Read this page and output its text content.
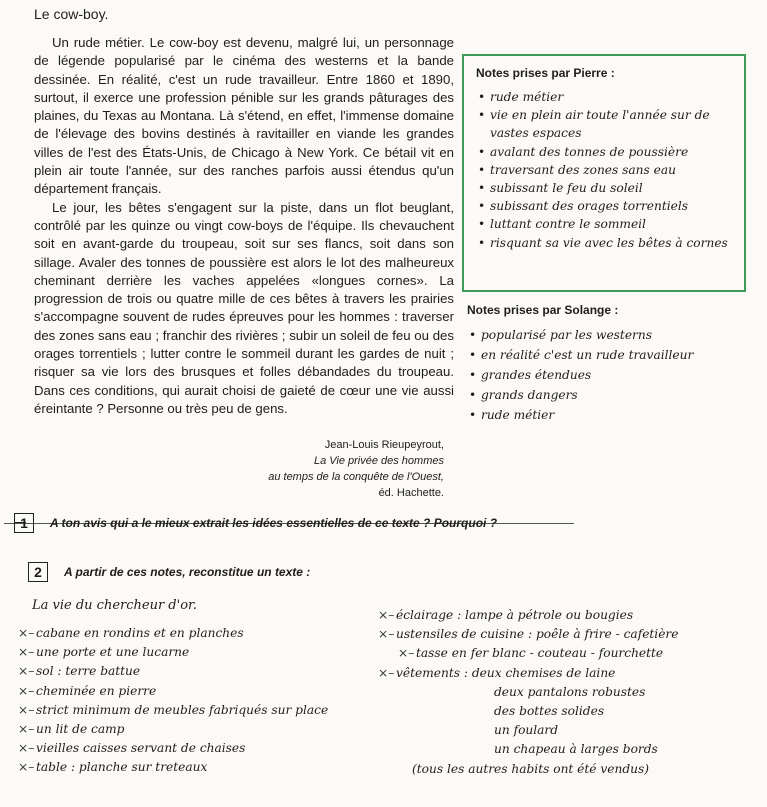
Le cow-boy.

Un rude métier. Le cow-boy est devenu, malgré lui, un personnage de légende popularisé par le cinéma des westerns et la bande dessinée. En réalité, c'est un rude travailleur. Entre 1860 et 1890, surtout, il exerce une profession pénible sur les grands pâturages des plaines, du Texas au Montana. Là s'étend, en effet, l'immense domaine de l'élevage des bovins destinés à ravitailler en viande les grandes villes de l'est des États-Unis, de Chicago à New York. Ce bétail vit en plein air toute l'année, sur des ranches parfois aussi étendus qu'un département français.

Le jour, les bêtes s'engagent sur la piste, dans un flot beuglant, contrôlé par les quinze ou vingt cow-boys de l'équipe. Ils chevauchent soit en avant-garde du troupeau, soit sur ses flancs, soit dans son sillage. Avaler des tonnes de poussière est alors le lot des malheureux cheminant derrière les vaches appelées «longues cornes». La progression de trois ou quatre mille de ces bêtes à travers les prairies s'accompagne souvent de rudes épreuves pour les hommes : traverser des zones sans eau ; franchir des rivières ; subir un soleil de feu ou des orages torrentiels ; lutter contre le sommeil durant les gardes de nuit ; risquer sa vie lors des brusques et folles débandades du troupeau. Dans ces conditions, qui aurait choisi de gaieté de cœur une vie aussi éreintante ? Personne ou très peu de gens.

Jean-Louis Rieupeyrout,
La Vie privée des hommes
au temps de la conquête de l'Ouest,
éd. Hachette.
Notes prises par Pierre :
• rude métier
• vie en plein air toute l'année sur de
vastes espaces
• avalant des tonnes de poussière
• traversant des zones sans eau
• subissant le feu du soleil
• subissant des orages torrentiels
• luttant contre le sommeil
• risquant sa vie avec les bêtes à cornes
Notes prises par Solange :
• popularisé par les westerns
• en réalité c'est un rude travailleur
• grandes étendues
• grands dangers
• rude métier
1	A ton avis qui a le mieux extrait les idées essentielles de ce texte ? Pourquoi ?
2	A partir de ces notes, reconstitue un texte :
La vie du chercheur d'or.
×– cabane en rondins et en planches
×– une porte et une lucarne
×– sol : terre battue
×– cheminée en pierre
×– strict minimum de meubles fabriqués sur place
×– un lit de camp
×– vieilles caisses servant de chaises
×– table : planche sur treteaux
×– éclairage : lampe à pétrole ou bougies
×– ustensiles de cuisine : poêle à frire - cafetière
×– tasse en fer blanc - couteau - fourchette
×– vêtements : deux chemises de laine
deux pantalons robustes
des bottes solides
un foulard
un chapeau à larges bords
(tous les autres habits ont été vendus)
